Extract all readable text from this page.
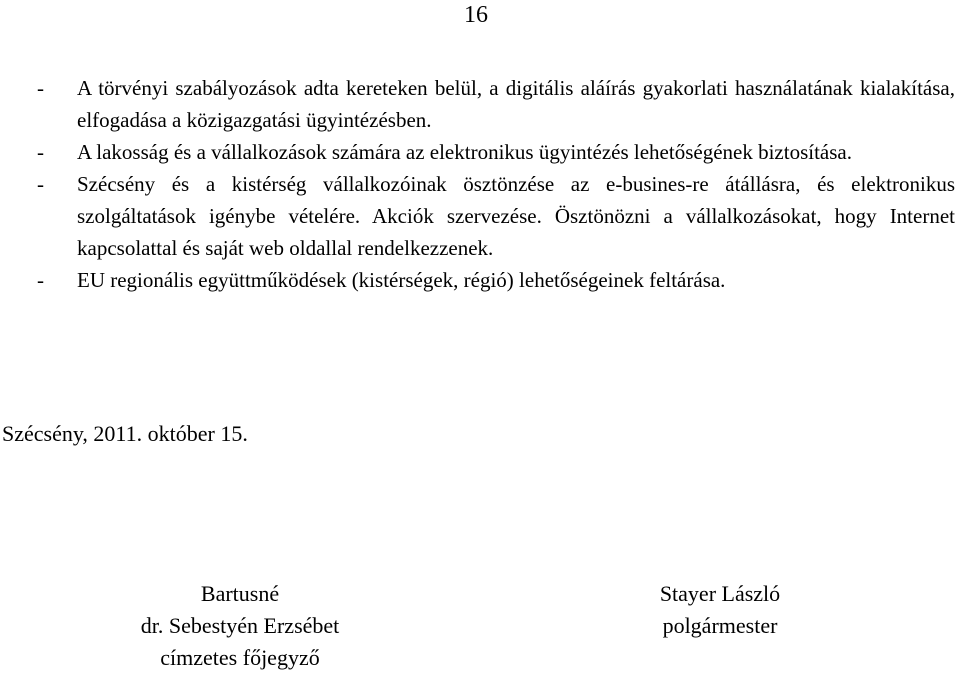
16
- A törvényi szabályozások adta kereteken belül, a digitális aláírás gyakorlati használatának kialakítása, elfogadása a közigazgatási ügyintézésben.
- A lakosság és a vállalkozások számára az elektronikus ügyintézés lehetőségének biztosítása.
- Szécsény és a kistérség vállalkozóinak ösztönzése az e-busines-re átállásra, és elektronikus szolgáltatások igénybe vételére. Akciók szervezése. Ösztönözni a vállalkozásokat, hogy Internet kapcsolattal és saját web oldallal rendelkezzenek.
- EU regionális együttműködések (kistérségek, régió) lehetőségeinek feltárása.
Szécsény, 2011. október 15.
Bartusné
dr. Sebestyén Erzsébet
címzetes főjegyző
Stayer László
polgármester
